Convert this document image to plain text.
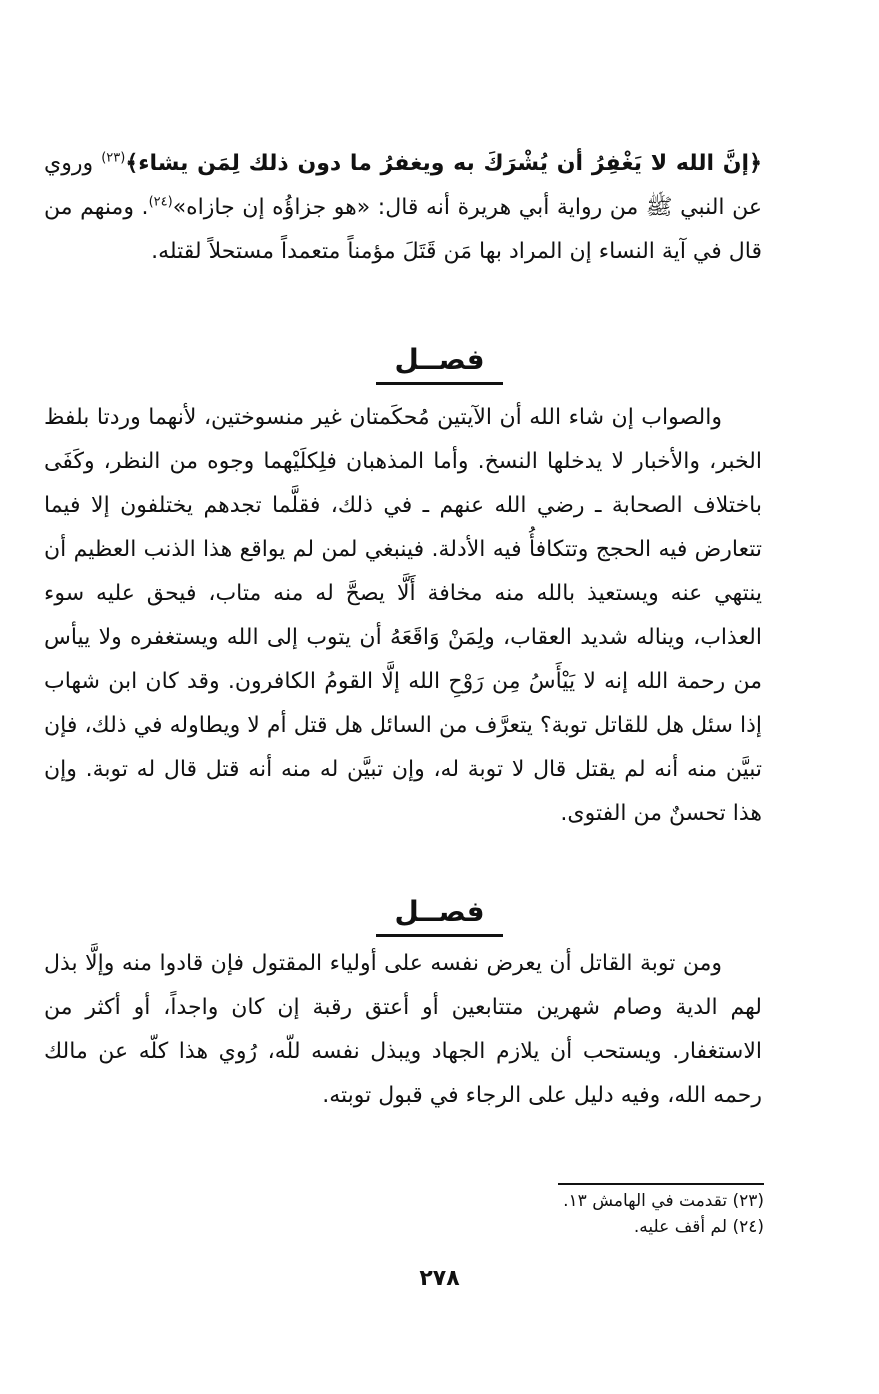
﴿إنَّ الله لا يَغْفِرُ أن يُشْرَكَ به ويغفرُ ما دون ذلك لِمَن يشاء﴾$^{(٢٣)}$ وروي عن النبي ﷺ من رواية أبي هريرة أنه قال: «هو جزاؤُه إن جازاه»$^{(٢٤)}$. ومنهم من قال في آية النساء إن المراد بها مَن قَتَلَ مؤمناً متعمداً مستحلاً لقتله.

فصــل

والصواب إن شاء الله أن الآيتين مُحكَمتان غير منسوختين، لأنهما وردتا بلفظ الخبر، والأخبار لا يدخلها النسخ. وأما المذهبان فلِكلَيْهما وجوه من النظر، وكَفَى باختلاف الصحابة ـ رضي الله عنهم ـ في ذلك، فقلَّما تجدهم يختلفون إلا فيما تتعارض فيه الحجج وتتكافأُ فيه الأدلة. فينبغي لمن لم يواقع هذا الذنب العظيم أن ينتهي عنه ويستعيذ بالله منه مخافة أَلَّا يصحَّ له منه متاب، فيحق عليه سوء العذاب، ويناله شديد العقاب، ولِمَنْ وَاقَعَهُ أن يتوب إلى الله ويستغفره ولا ييأس من رحمة الله إنه لا يَيْأَسُ مِن رَوْحِ الله إلَّا القومُ الكافرون. وقد كان ابن شهاب إذا سئل هل للقاتل توبة؟ يتعرَّف من السائل هل قتل أم لا ويطاوله في ذلك، فإن تبيَّن منه أنه لم يقتل قال لا توبة له، وإن تبيَّن له منه أنه قتل قال له توبة. وإن هذا تحسنٌ من الفتوى.

فصــل

ومن توبة القاتل أن يعرض نفسه على أولياء المقتول فإن قادوا منه وإلَّا بذل لهم الدية وصام شهرين متتابعين أو أعتق رقبة إن كان واجداً، أو أكثر من الاستغفار. ويستحب أن يلازم الجهاد ويبذل نفسه للّه، رُوي هذا كلّه عن مالك رحمه الله، وفيه دليل على الرجاء في قبول توبته.

(٢٣) تقدمت في الهامش ١٣.

(٢٤) لم أقف عليه.

٢٧٨
